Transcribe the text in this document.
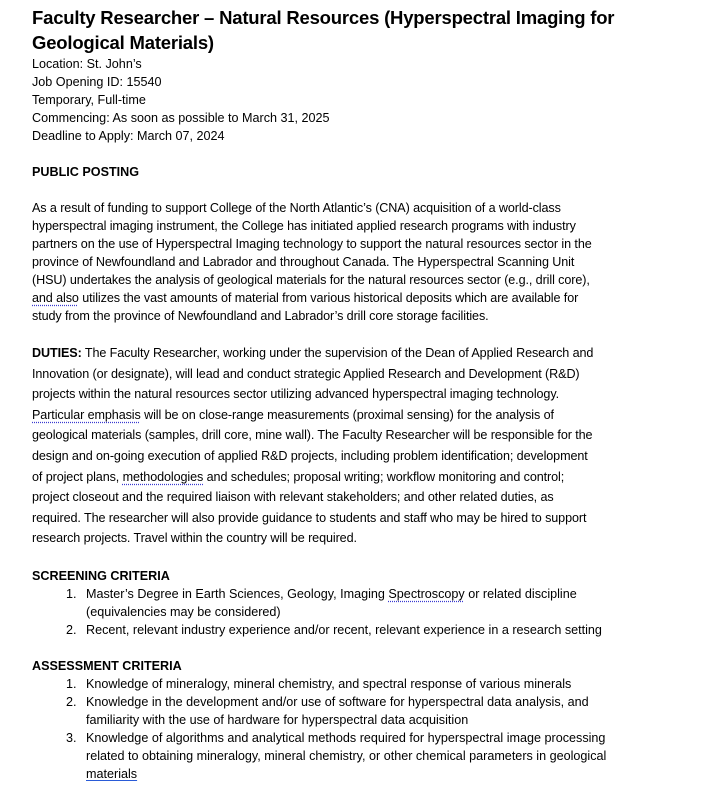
Faculty Researcher – Natural Resources (Hyperspectral Imaging for
Geological Materials)
Location: St. John’s
Job Opening ID: 15540
Temporary, Full-time
Commencing: As soon as possible to March 31, 2025
Deadline to Apply: March 07, 2024
PUBLIC POSTING
As a result of funding to support College of the North Atlantic’s (CNA) acquisition of a world-class
hyperspectral imaging instrument, the College has initiated applied research programs with industry
partners on the use of Hyperspectral Imaging technology to support the natural resources sector in the
province of Newfoundland and Labrador and throughout Canada. The Hyperspectral Scanning Unit
(HSU) undertakes the analysis of geological materials for the natural resources sector (e.g., drill core),
and also utilizes the vast amounts of material from various historical deposits which are available for
study from the province of Newfoundland and Labrador’s drill core storage facilities.
DUTIES: The Faculty Researcher, working under the supervision of the Dean of Applied Research and
Innovation (or designate), will lead and conduct strategic Applied Research and Development (R&D)
projects within the natural resources sector utilizing advanced hyperspectral imaging technology.
Particular emphasis will be on close-range measurements (proximal sensing) for the analysis of
geological materials (samples, drill core, mine wall). The Faculty Researcher will be responsible for the
design and on-going execution of applied R&D projects, including problem identification; development
of project plans, methodologies and schedules; proposal writing; workflow monitoring and control;
project closeout and the required liaison with relevant stakeholders; and other related duties, as
required. The researcher will also provide guidance to students and staff who may be hired to support
research projects. Travel within the country will be required.
SCREENING CRITERIA
1. Master’s Degree in Earth Sciences, Geology, Imaging Spectroscopy or related discipline
(equivalencies may be considered)
2. Recent, relevant industry experience and/or recent, relevant experience in a research setting
ASSESSMENT CRITERIA
1. Knowledge of mineralogy, mineral chemistry, and spectral response of various minerals
2. Knowledge in the development and/or use of software for hyperspectral data analysis, and
familiarity with the use of hardware for hyperspectral data acquisition
3. Knowledge of algorithms and analytical methods required for hyperspectral image processing
related to obtaining mineralogy, mineral chemistry, or other chemical parameters in geological
materials
